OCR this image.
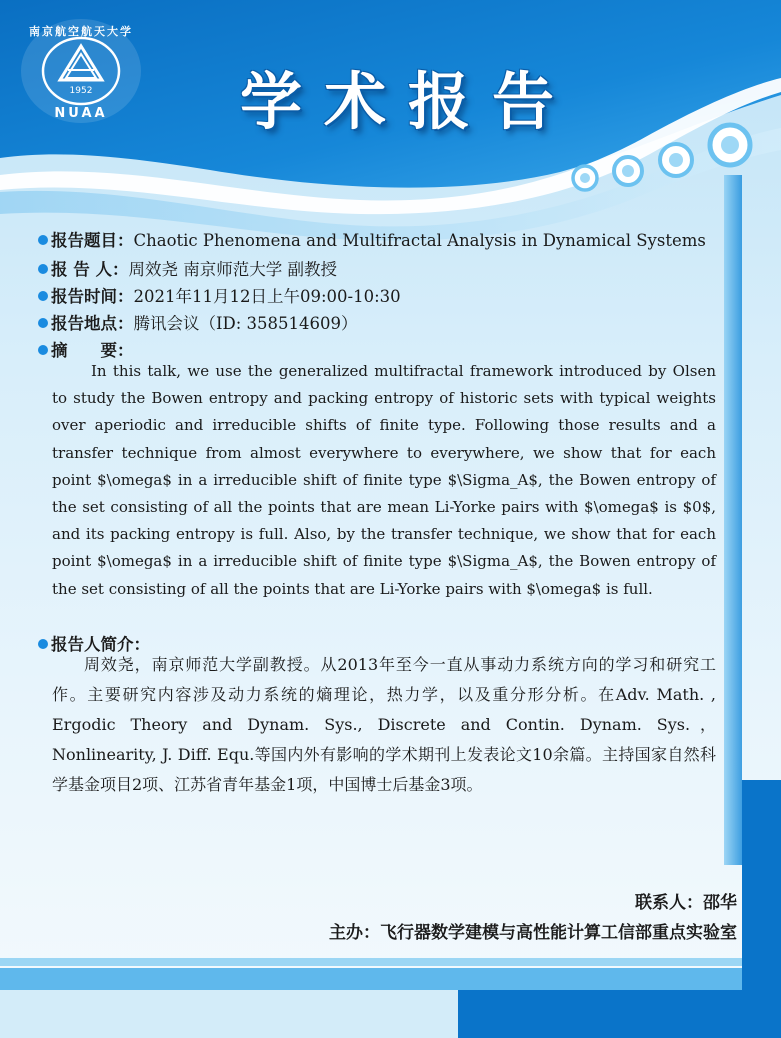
1952
NUAA
南京航空航天大学
学术报告
报告题目：Chaotic Phenomena and Multifractal Analysis in Dynamical Systems
报 告 人：周效尧 南京师范大学 副教授
报告时间：2021年11月12日上午09:00-10:30
报告地点：腾讯会议（ID: 358514609）
摘　　要：
In this talk, we use the generalized multifractal framework introduced by Olsen to study the Bowen entropy and packing entropy of historic sets with typical weights over aperiodic and irreducible shifts of finite type. Following those results and a transfer technique from almost everywhere to everywhere, we show that for each point $\omega$ in a irreducible shift of finite type $\Sigma_A$, the Bowen entropy of the set consisting of all the points that are mean Li-Yorke pairs with $\omega$ is $0$, and its packing entropy is full. Also, by the transfer technique, we show that for each point $\omega$ in a irreducible shift of finite type $\Sigma_A$, the Bowen entropy of the set consisting of all the points that are Li-Yorke pairs with $\omega$ is full.
报告人简介：
周效尧，南京师范大学副教授。从2013年至今一直从事动力系统方向的学习和研究工作。主要研究内容涉及动力系统的熵理论，热力学，以及重分形分析。在Adv. Math. , Ergodic Theory and Dynam. Sys., Discrete and Contin. Dynam. Sys.， Nonlinearity, J. Diff. Equ.等国内外有影响的学术期刊上发表论文10余篇。主持国家自然科学基金项目2项、江苏省青年基金1项，中国博士后基金3项。
联系人：邵华
主办：飞行器数学建模与高性能计算工信部重点实验室
